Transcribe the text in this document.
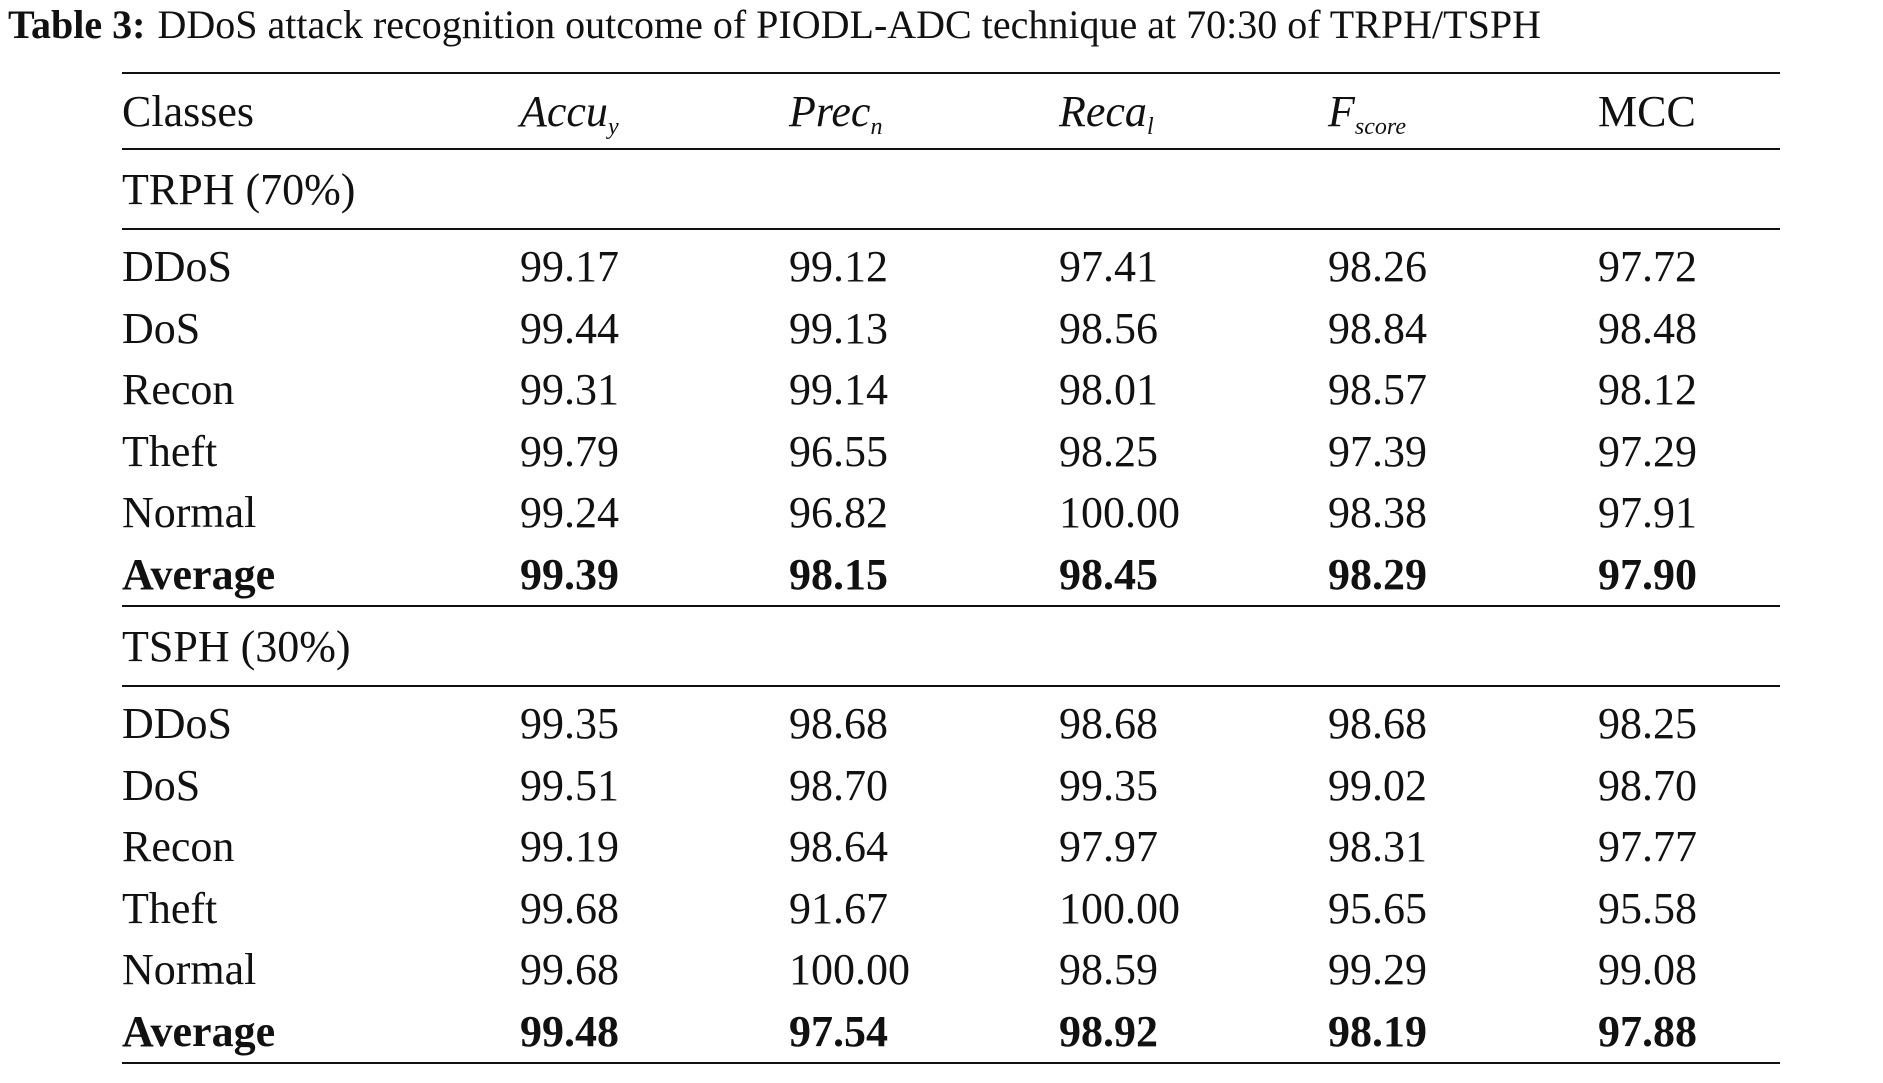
Table 3: DDoS attack recognition outcome of PIODL-ADC technique at 70:30 of TRPH/TSPH
Classes	Accu$_y$	Prec$_n$	Reca$_l$	$F_{score}$	MCC
TRPH (70%)					
DDoS	99.17	99.12	97.41	98.26	97.72
DoS	99.44	99.13	98.56	98.84	98.48
Recon	99.31	99.14	98.01	98.57	98.12
Theft	99.79	96.55	98.25	97.39	97.29
Normal	99.24	96.82	100.00	98.38	97.91
Average	99.39	98.15	98.45	98.29	97.90
TSPH (30%)					
DDoS	99.35	98.68	98.68	98.68	98.25
DoS	99.51	98.70	99.35	99.02	98.70
Recon	99.19	98.64	97.97	98.31	97.77
Theft	99.68	91.67	100.00	95.65	95.58
Normal	99.68	100.00	98.59	99.29	99.08
Average	99.48	97.54	98.92	98.19	97.88
